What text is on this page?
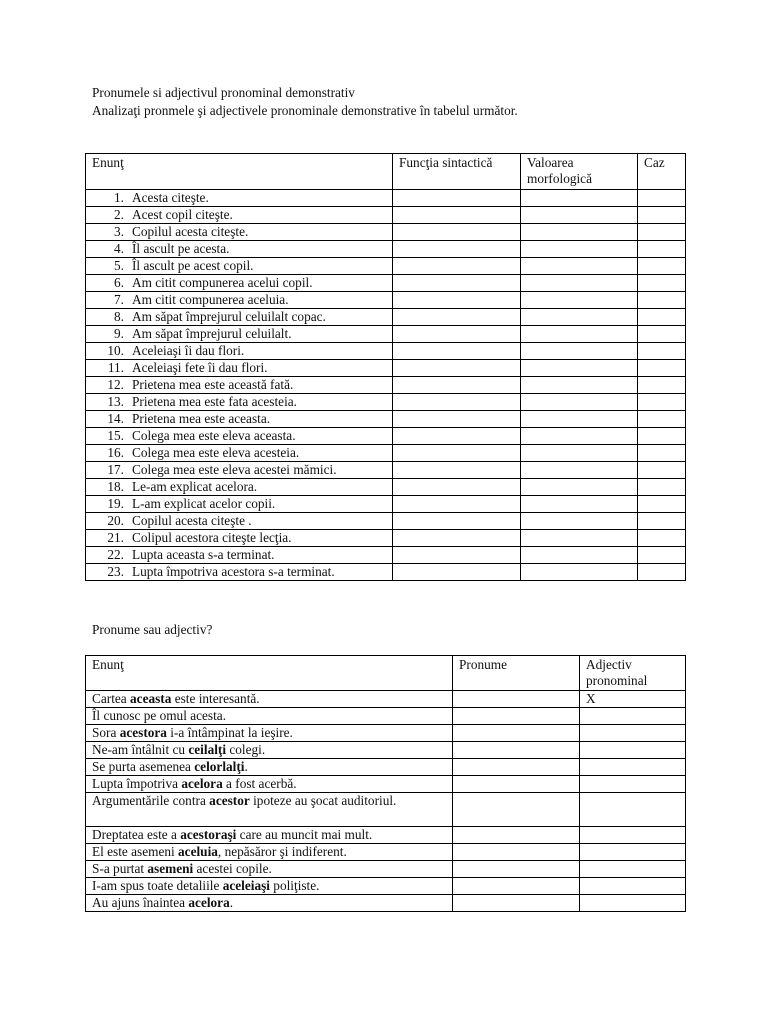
Pronumele si adjectivul pronominal demonstrativ
Analizaţi pronmele şi adjectivele pronominale demonstrative în tabelul următor.
Enunţ	Funcţia sintactică	Valoarea morfologică	Caz
1. Acesta citeşte.			
2. Acest copil citeşte.			
3. Copilul acesta citeşte.			
4. Îl ascult pe acesta.			
5. Îl ascult pe acest copil.			
6. Am citit compunerea acelui copil.			
7. Am citit compunerea aceluia.			
8. Am săpat împrejurul celuilalt copac.			
9. Am săpat împrejurul celuilalt.			
10. Aceleiaşi îi dau flori.			
11. Aceleiaşi fete îi dau flori.			
12. Prietena mea este această fată.			
13. Prietena mea este fata acesteia.			
14. Prietena mea este aceasta.			
15. Colega mea este eleva aceasta.			
16. Colega mea este eleva acesteia.			
17. Colega mea este eleva acestei mămici.			
18. Le-am explicat acelora.			
19. L-am explicat acelor copii.			
20. Copilul acesta citeşte .			
21. Colipul acestora citeşte lecţia.			
22. Lupta aceasta s-a terminat.			
23. Lupta împotriva acestora s-a terminat.			
Pronume sau adjectiv?
Enunţ	Pronume	Adjectiv pronominal
Cartea aceasta este interesantă.		X
Îl cunosc pe omul acesta.		
Sora acestora i-a întâmpinat la ieşire.		
Ne-am întâlnit cu ceilalţi colegi.		
Se purta asemenea celorlalţi.		
Lupta împotriva acelora a fost acerbă.		
Argumentările contra acestor ipoteze au şocat auditoriul.		
Dreptatea este a acestoraşi care au muncit mai mult.		
El este asemeni aceluia, nepăsăror şi indiferent.		
S-a purtat asemeni acestei copile.		
I-am spus toate detaliile aceleiaşi poliţiste.		
Au ajuns înaintea acelora.		
